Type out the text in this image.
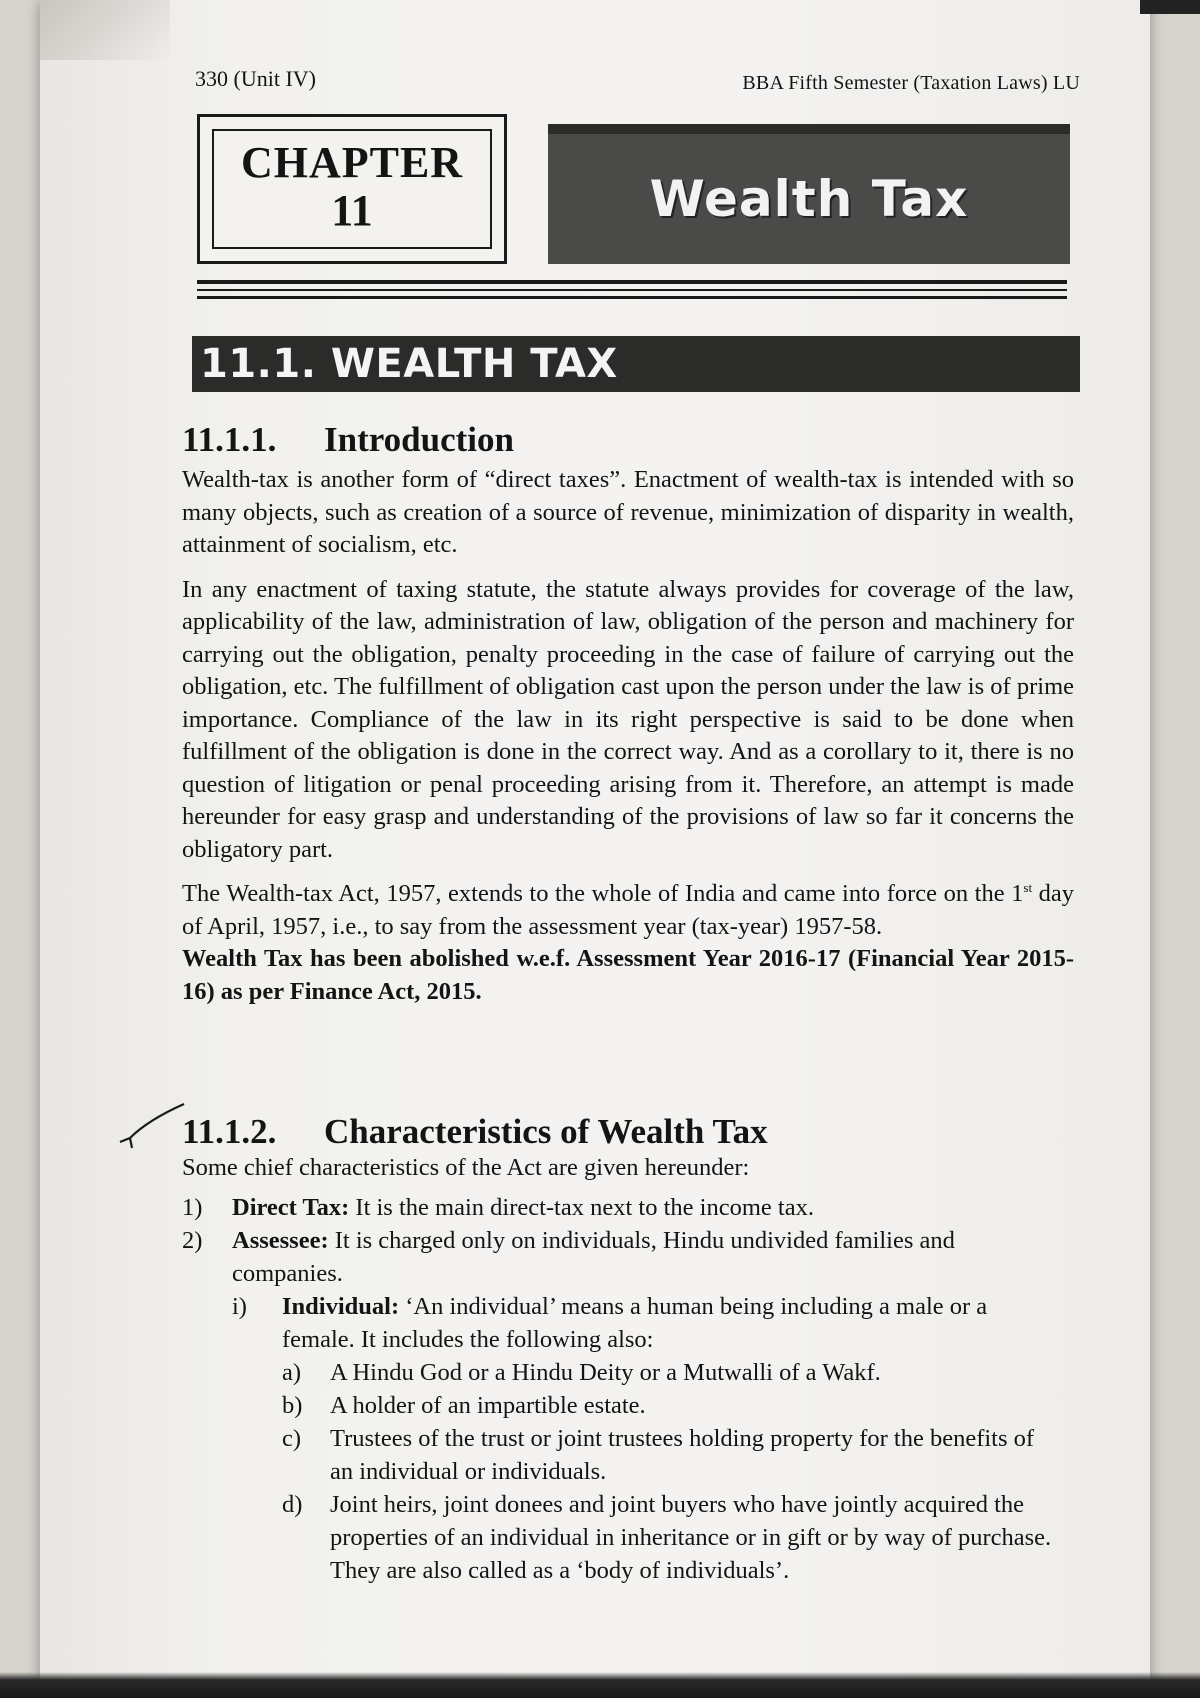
330 (Unit IV)	BBA Fifth Semester (Taxation Laws) LU
CHAPTER
11	Wealth Tax
11.1. WEALTH TAX
11.1.1. Introduction

Wealth-tax is another form of “direct taxes”. Enactment of wealth-tax is intended with so many objects, such as creation of a source of revenue, minimization of disparity in wealth, attainment of socialism, etc.

In any enactment of taxing statute, the statute always provides for coverage of the law, applicability of the law, administration of law, obligation of the person and machinery for carrying out the obligation, penalty proceeding in the case of failure of carrying out the obligation, etc. The fulfillment of obligation cast upon the person under the law is of prime importance. Compliance of the law in its right perspective is said to be done when fulfillment of the obligation is done in the correct way. And as a corollary to it, there is no question of litigation or penal proceeding arising from it. Therefore, an attempt is made hereunder for easy grasp and understanding of the provisions of law so far it concerns the obligatory part.

The Wealth-tax Act, 1957, extends to the whole of India and came into force on the 1st day of April, 1957, i.e., to say from the assessment year (tax-year) 1957-58.

Wealth Tax has been abolished w.e.f. Assessment Year 2016-17 (Financial Year 2015-16) as per Finance Act, 2015.

11.1.2. Characteristics of Wealth Tax

Some chief characteristics of the Act are given hereunder:

1) Direct Tax: It is the main direct-tax next to the income tax.
2) Assessee: It is charged only on individuals, Hindu undivided families and companies.
i) Individual: ‘An individual’ means a human being including a male or a female. It includes the following also:
a) A Hindu God or a Hindu Deity or a Mutwalli of a Wakf.
b) A holder of an impartible estate.
c) Trustees of the trust or joint trustees holding property for the benefits of an individual or individuals.
d) Joint heirs, joint donees and joint buyers who have jointly acquired the properties of an individual in inheritance or in gift or by way of purchase. They are also called as a ‘body of individuals’.
